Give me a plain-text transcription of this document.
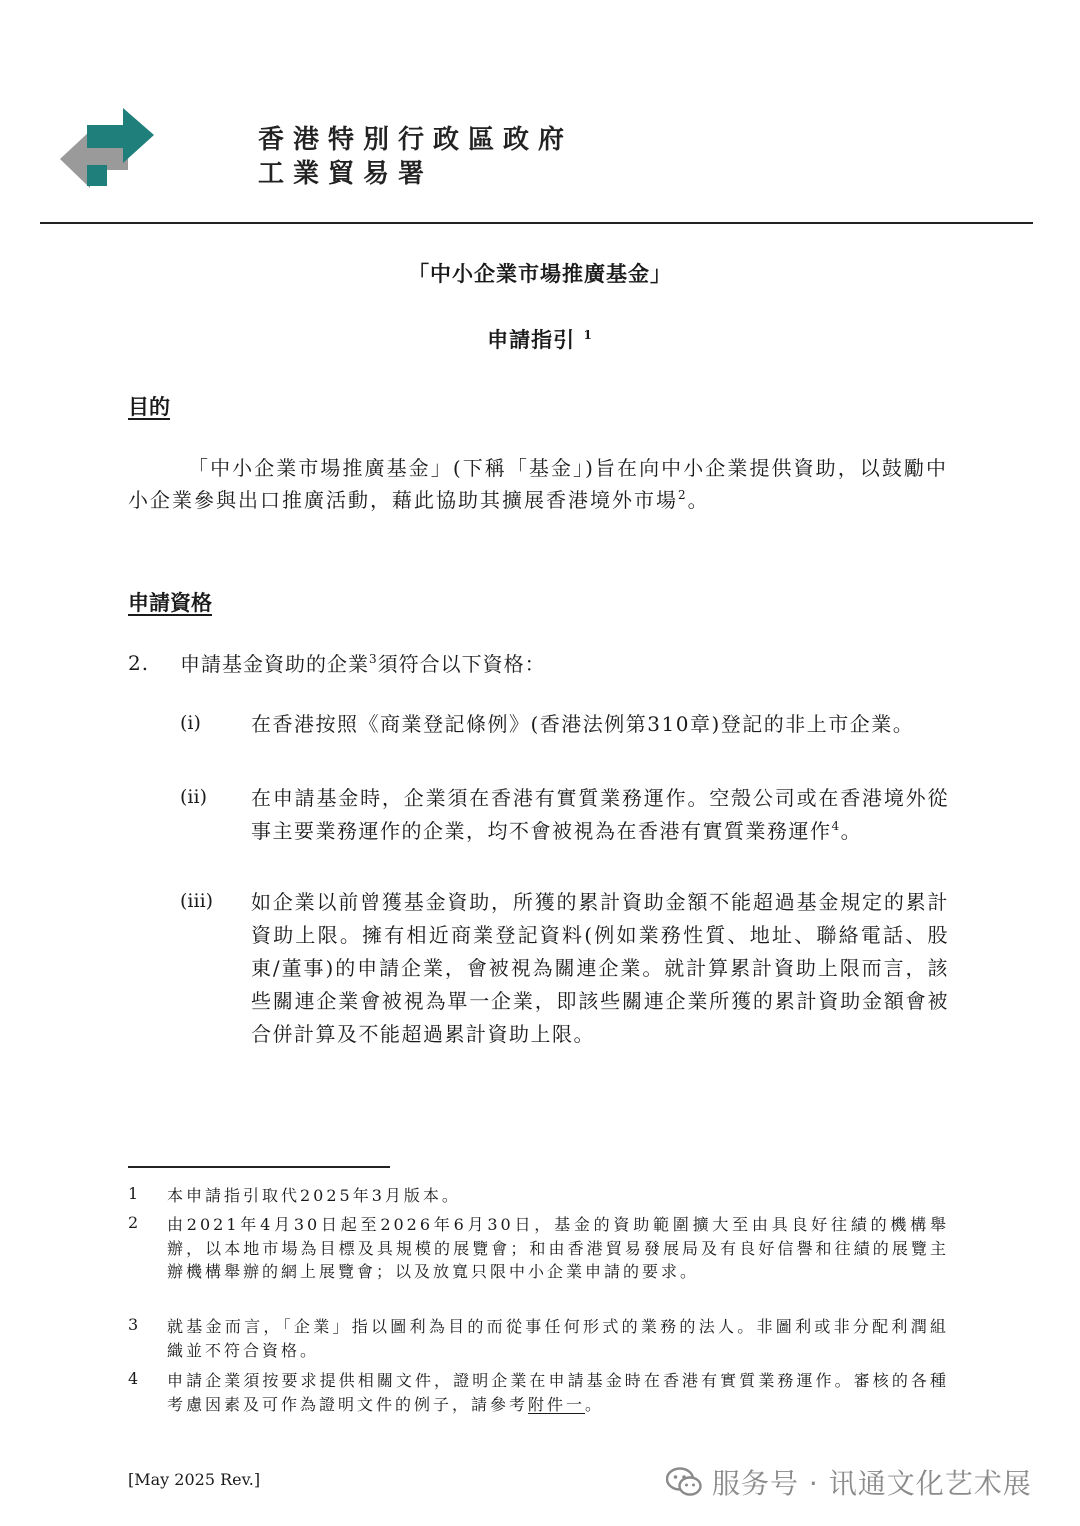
香港特別行政區政府
工業貿易署
「中小企業市場推廣基金」
申請指引 $^1$
目的
「中小企業市場推廣基金」(下稱「基金」)旨在向中小企業提供資助，以鼓勵中小企業參與出口推廣活動，藉此協助其擴展香港境外市場$^2$。
申請資格
2. 申請基金資助的企業$^3$須符合以下資格：
(i)	在香港按照《商業登記條例》(香港法例第310章)登記的非上市企業。
(ii) 在申請基金時，企業須在香港有實質業務運作。空殼公司或在香港境外從事主要業務運作的企業，均不會被視為在香港有實質業務運作$^4$。
(iii) 如企業以前曾獲基金資助，所獲的累計資助金額不能超過基金規定的累計資助上限。擁有相近商業登記資料(例如業務性質、地址、聯絡電話、股東/董事)的申請企業，會被視為關連企業。就計算累計資助上限而言，該些關連企業會被視為單一企業，即該些關連企業所獲的累計資助金額會被合併計算及不能超過累計資助上限。
1 本申請指引取代2025年3月版本。
2 由2021年4月30日起至2026年6月30日，基金的資助範圍擴大至由具良好往績的機構舉辦，以本地市場為目標及具規模的展覽會；和由香港貿易發展局及有良好信譽和往績的展覽主辦機構舉辦的網上展覽會；以及放寬只限中小企業申請的要求。
3 就基金而言，「企業」指以圖利為目的而從事任何形式的業務的法人。非圖利或非分配利潤組織並不符合資格。
4 申請企業須按要求提供相關文件，證明企業在申請基金時在香港有實質業務運作。審核的各種考慮因素及可作為證明文件的例子，請參考附件一。
[May 2025 Rev.]	服务号 · 讯通文化艺术展
